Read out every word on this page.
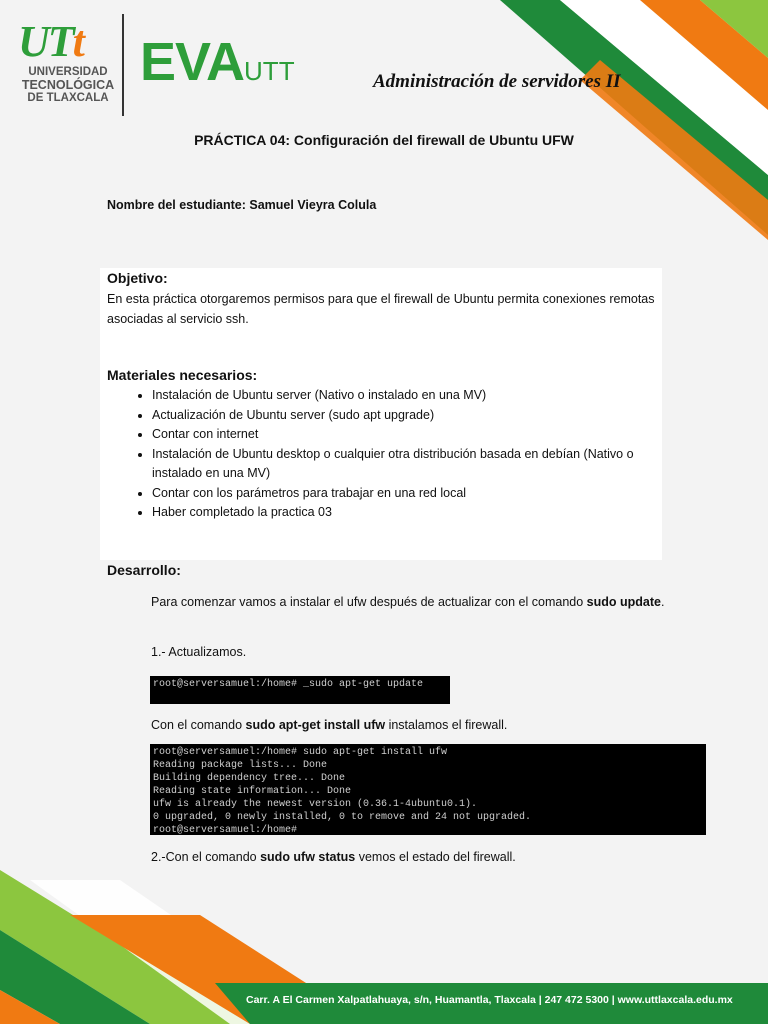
UTt
UNIVERSIDAD
TECNOLÓGICA
DE TLAXCALA
EVAUTT	Administración de servidores II
PRÁCTICA 04: Configuración del firewall de Ubuntu UFW
Nombre del estudiante: Samuel Vieyra Colula
Objetivo:
En esta práctica otorgaremos permisos para que el firewall de Ubuntu permita conexiones remotas asociadas al servicio ssh.
Materiales necesarios:
• Instalación de Ubuntu server (Nativo o instalado en una MV)
• Actualización de Ubuntu server (sudo apt upgrade)
• Contar con internet
• Instalación de Ubuntu desktop o cualquier otra distribución basada en debían (Nativo o instalado en una MV)
• Contar con los parámetros para trabajar en una red local
• Haber completado la practica 03
Desarrollo:
Para comenzar vamos a instalar el ufw después de actualizar con el comando sudo update.
1.- Actualizamos.
root@serversamuel:/home# _sudo apt-get update
Con el comando sudo apt-get install ufw instalamos el firewall.
root@serversamuel:/home# sudo apt-get install ufw
Reading package lists... Done
Building dependency tree... Done
Reading state information... Done
ufw is already the newest version (0.36.1-4ubuntu0.1).
0 upgraded, 0 newly installed, 0 to remove and 24 not upgraded.
root@serversamuel:/home#
2.-Con el comando sudo ufw status vemos el estado del firewall.
Carr. A El Carmen Xalpatlahuaya, s/n, Huamantla, Tlaxcala | 247 472 5300 | www.uttlaxcala.edu.mx
